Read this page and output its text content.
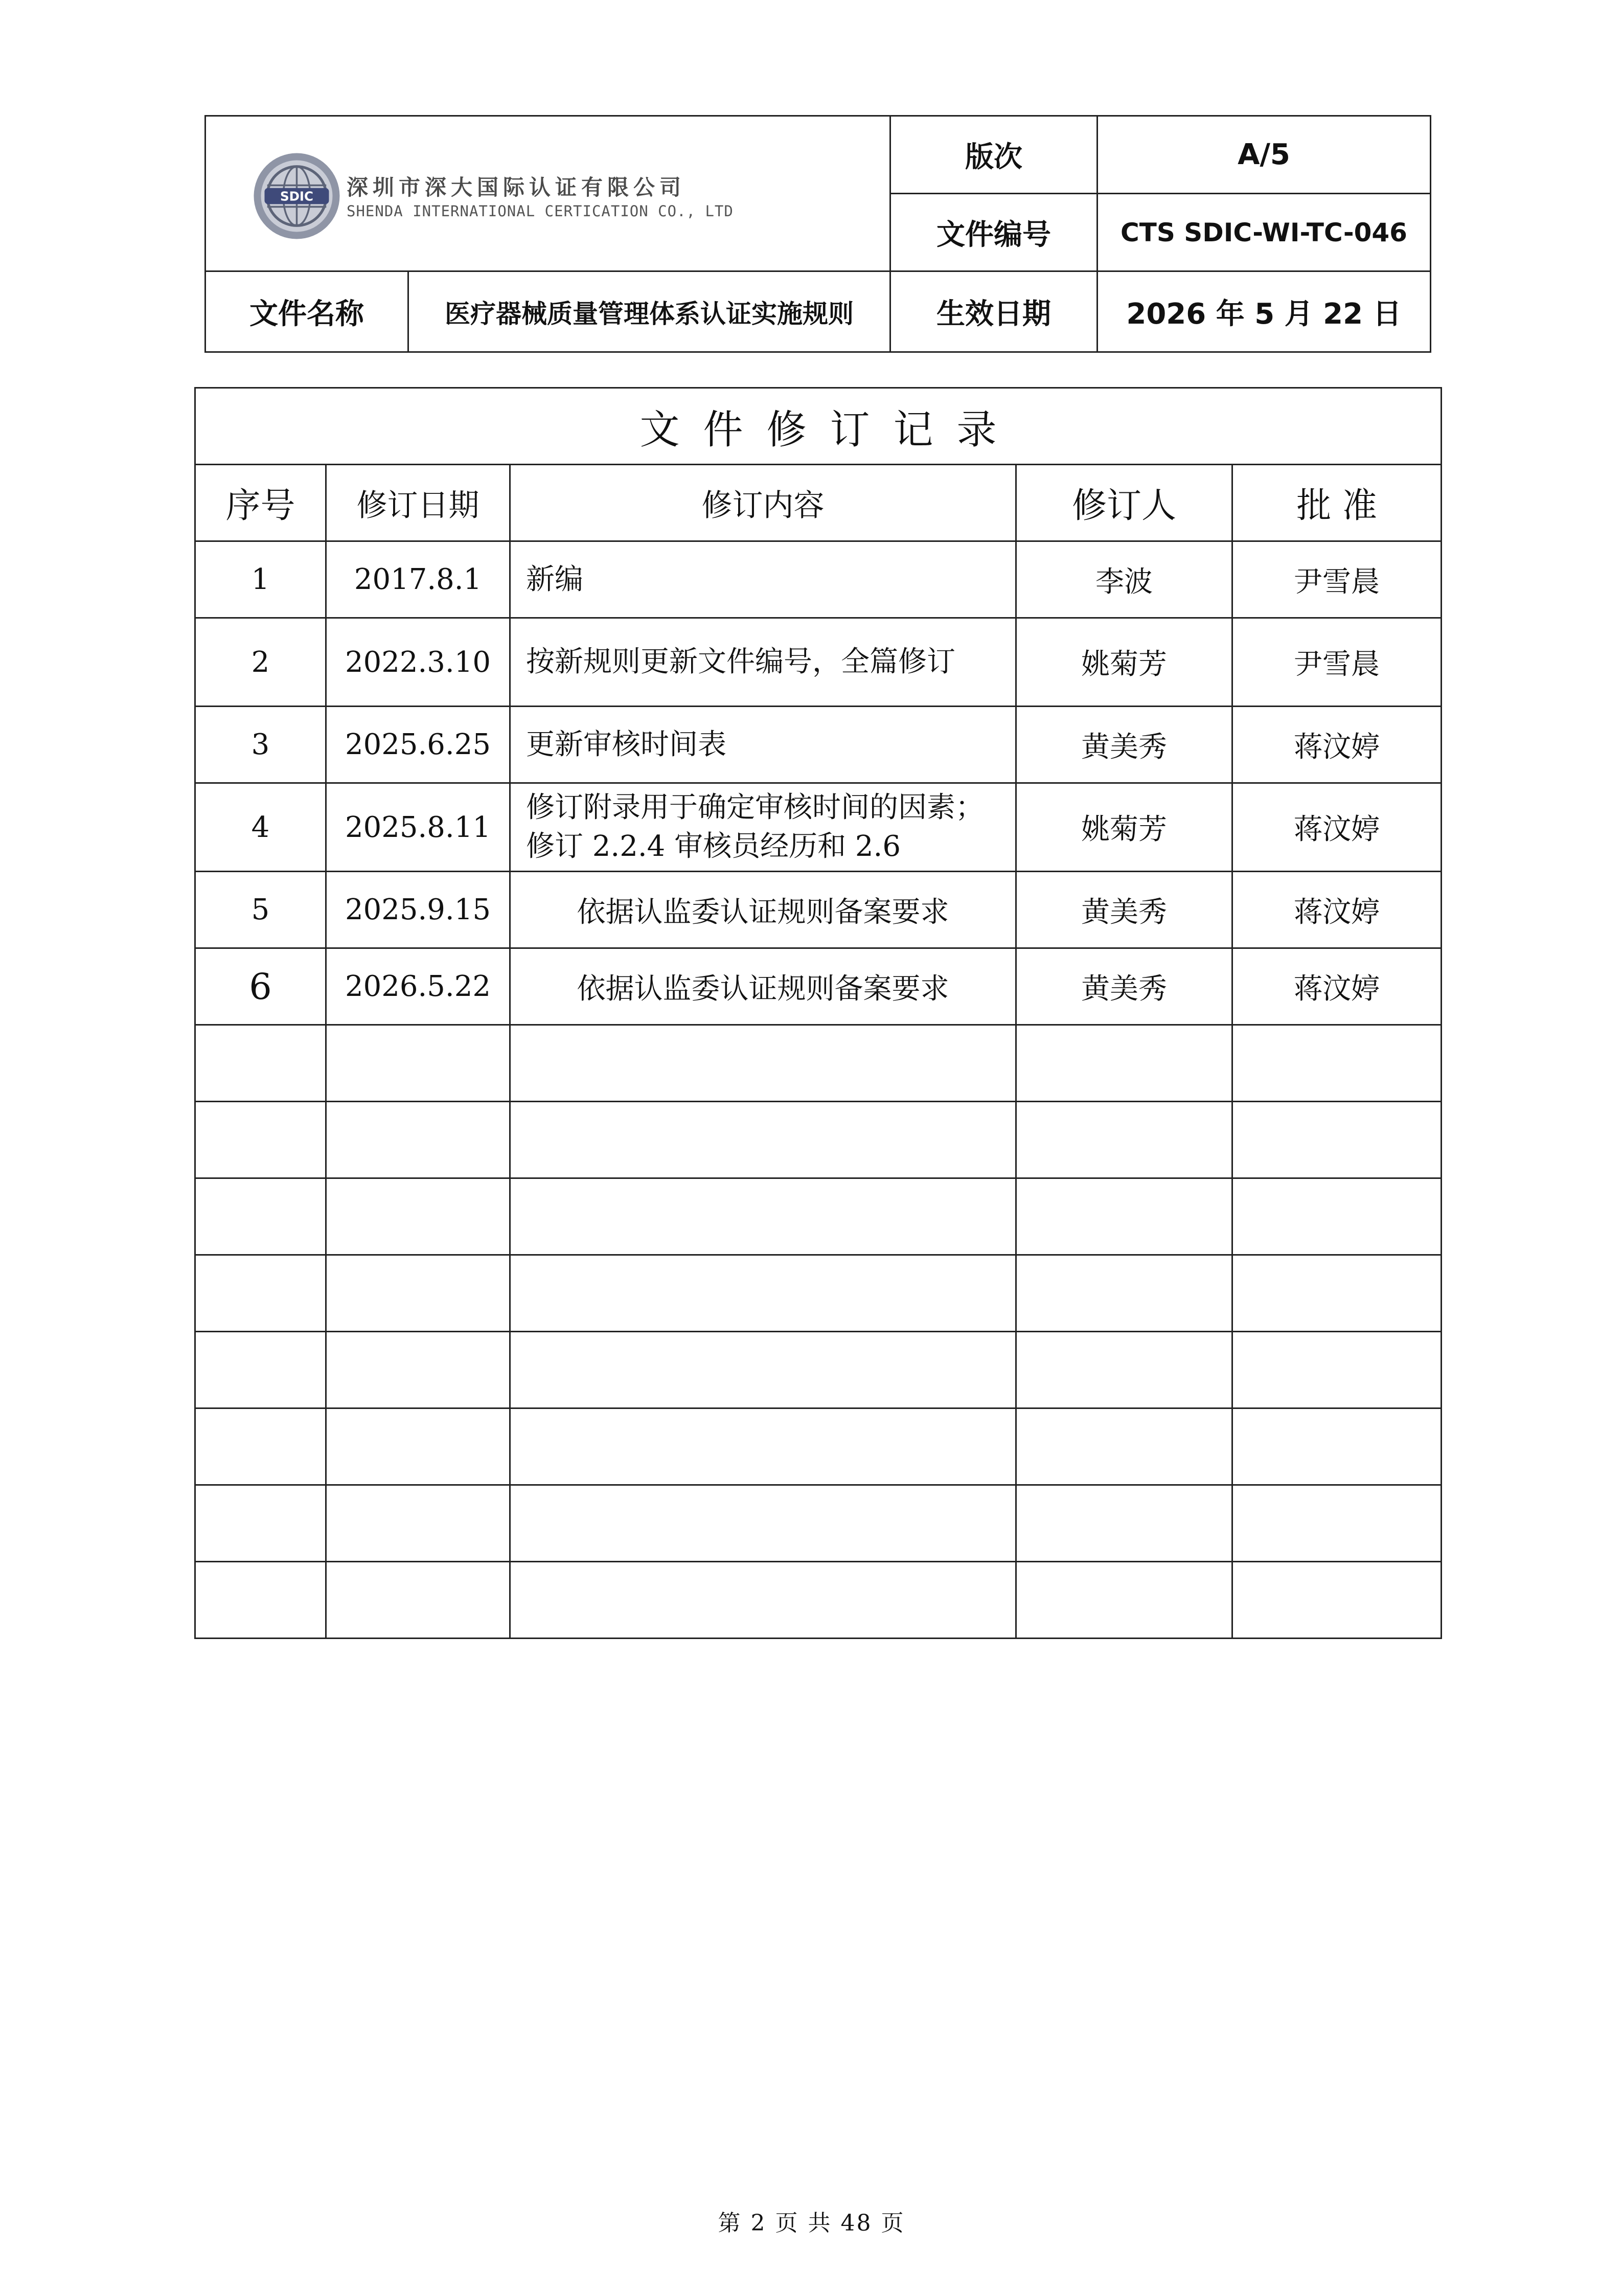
SDIC 深圳市深大国际认证有限公司
SHENDA INTERNATIONAL CERTICATION CO., LTD		版次	A/5
		文件编号	CTS SDIC-WI-TC-046
文件名称	医疗器械质量管理体系认证实施规则	生效日期	2026 年 5 月 22 日
文件修订记录				
序号	修订日期	修订内容	修订人	批 准
1	2017.8.1	新编	李波	尹雪晨
2	2022.3.10	按新规则更新文件编号，全篇修订	姚菊芳	尹雪晨
3	2025.6.25	更新审核时间表	黄美秀	蒋汶婷
4	2025.8.11	修订附录用于确定审核时间的因素；修订 2.2.4 审核员经历和 2.6	姚菊芳	蒋汶婷
5	2025.9.15	依据认监委认证规则备案要求	黄美秀	蒋汶婷
6	2026.5.22	依据认监委认证规则备案要求	黄美秀	蒋汶婷

第 2 页 共 48 页
